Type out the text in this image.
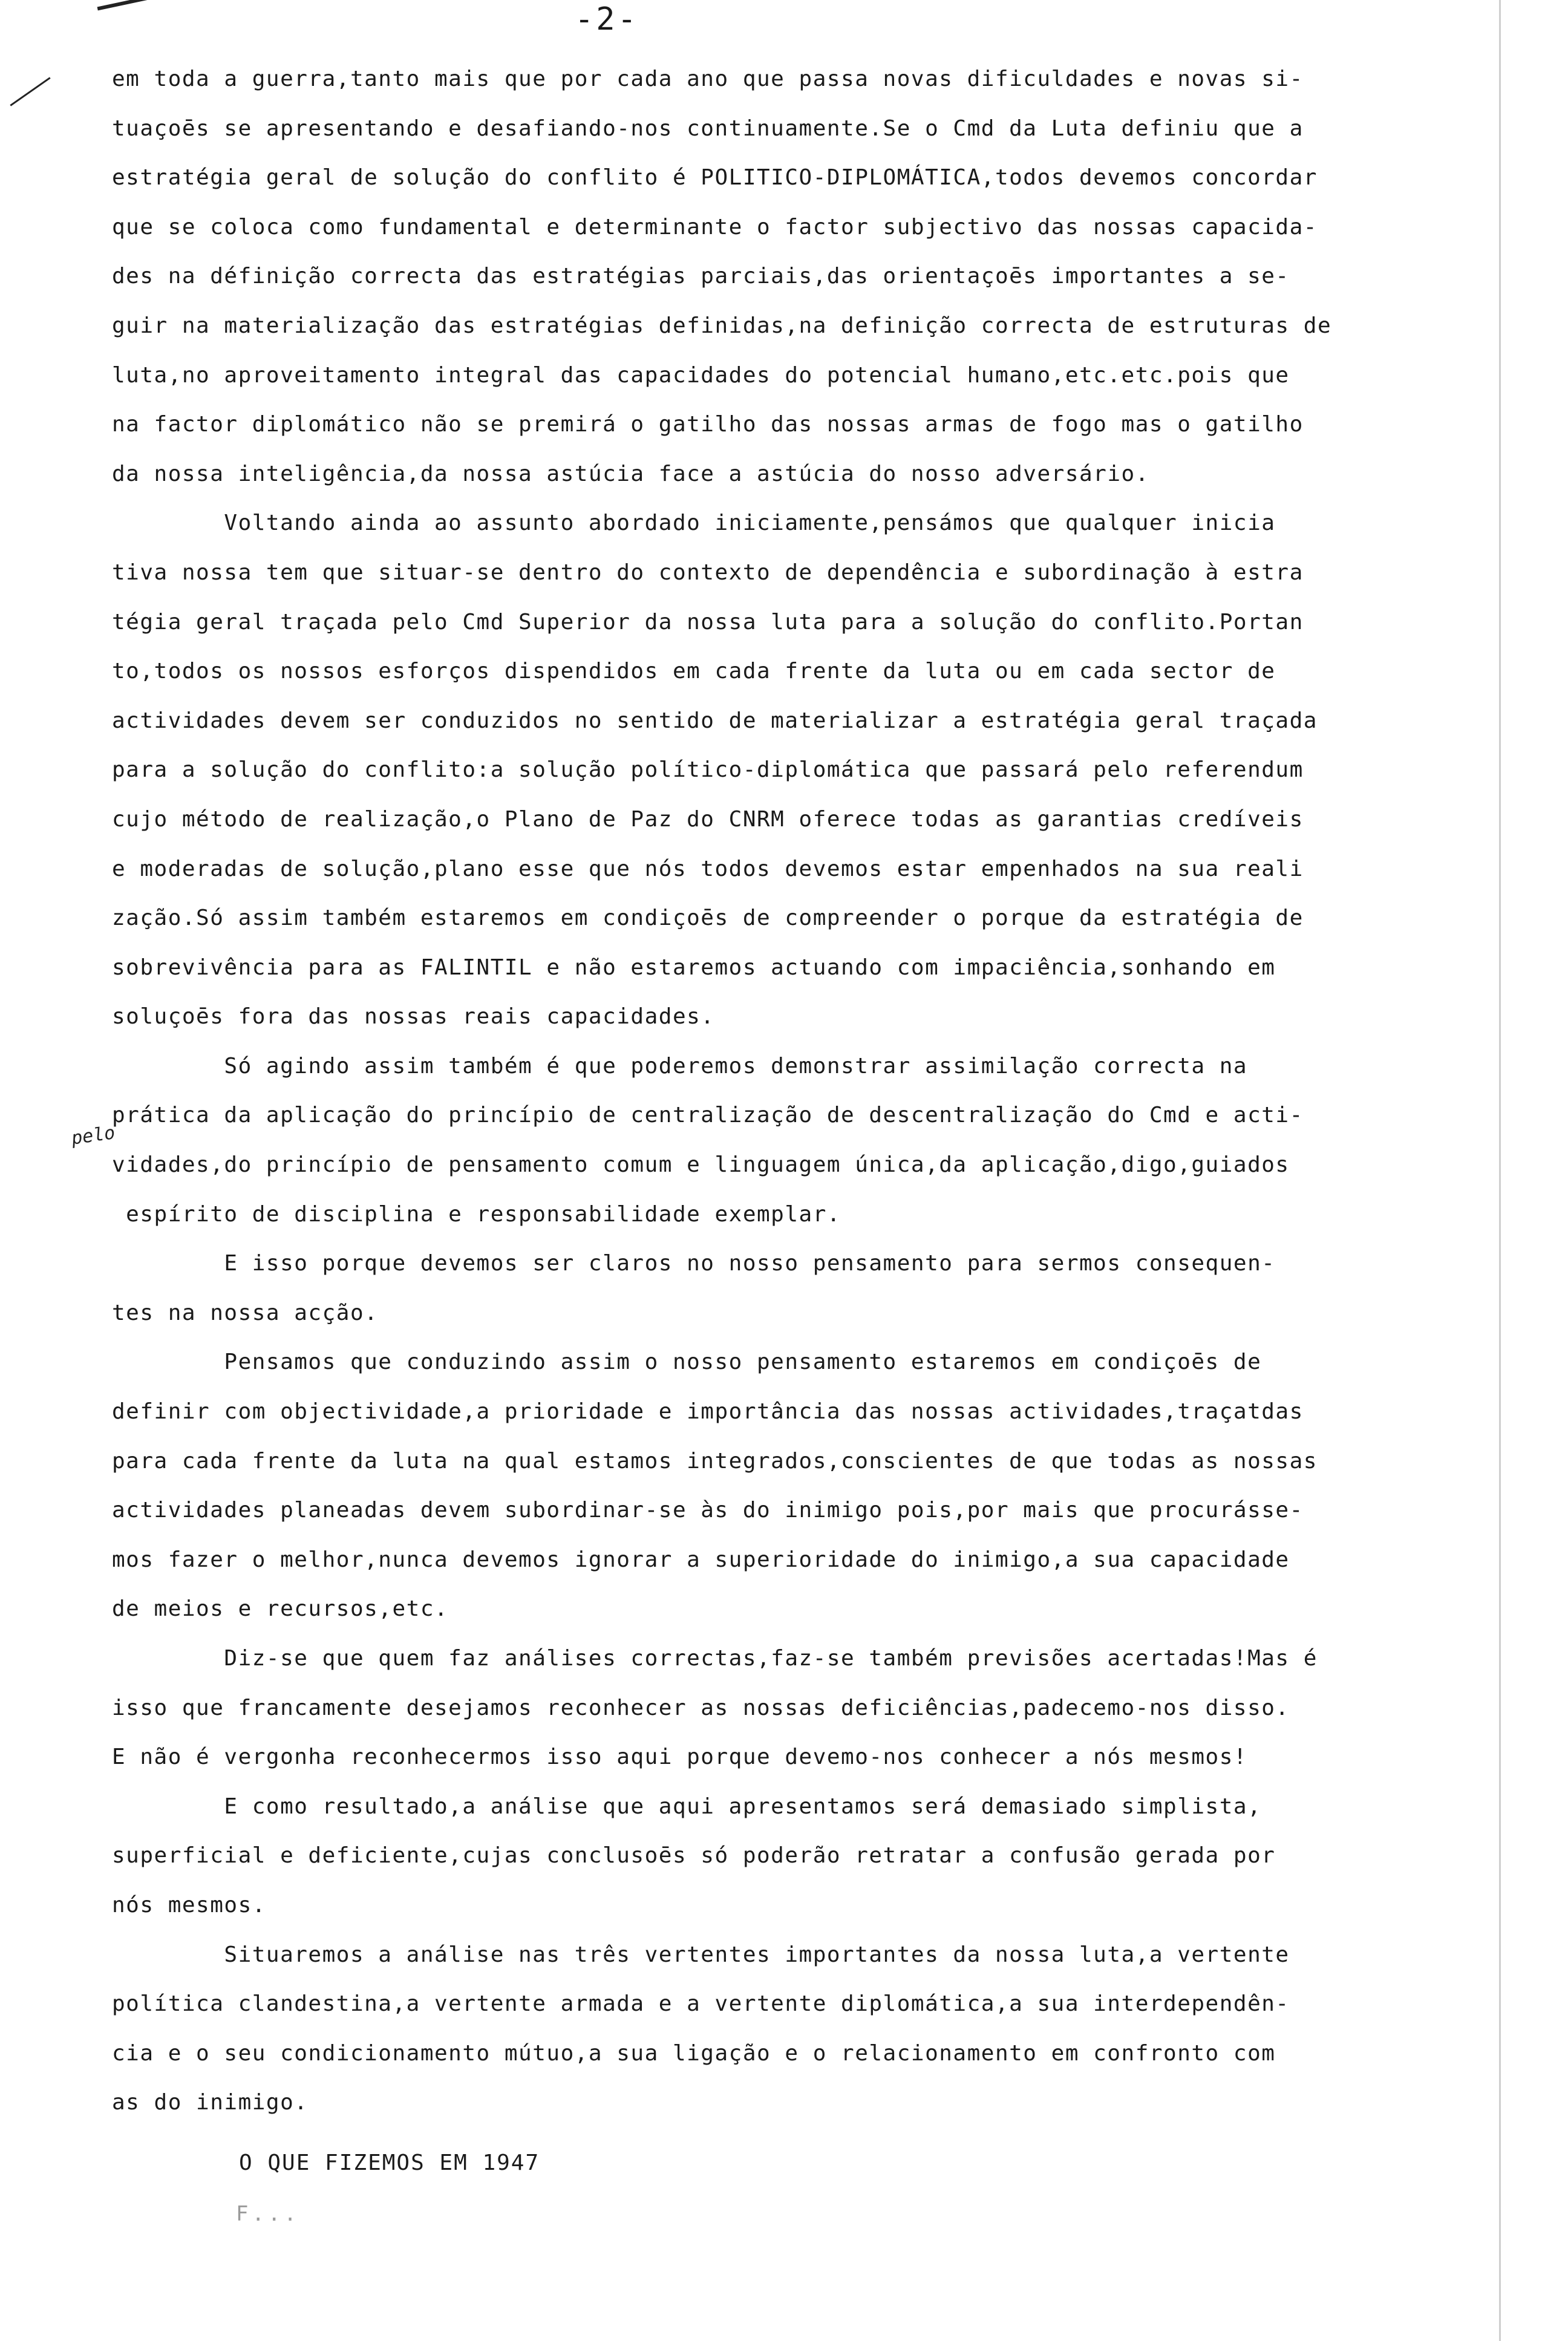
-2-
em toda a guerra,tanto mais que por cada ano que passa novas dificuldades e novas si-
tuaçoēs se apresentando e desafiando-nos continuamente.Se o Cmd da Luta definiu que a
estratégia geral de solução do conflito é POLITICO-DIPLOMÁTICA,todos devemos concordar
que se coloca como fundamental e determinante o factor subjectivo das nossas capacida-
des na définição correcta das estratégias parciais,das orientaçoēs importantes a se-
guir na materialização das estratégias definidas,na definição correcta de estruturas de
luta,no aproveitamento integral das capacidades do potencial humano,etc.etc.pois que
na factor diplomático não se premirá o gatilho das nossas armas de fogo mas o gatilho
da nossa inteligência,da nossa astúcia face a astúcia do nosso adversário.
Voltando ainda ao assunto abordado iniciamente,pensámos que qualquer inicia
tiva nossa tem que situar-se dentro do contexto de dependência e subordinação à estra
tégia geral traçada pelo Cmd Superior da nossa luta para a solução do conflito.Portan
to,todos os nossos esforços dispendidos em cada frente da luta ou em cada sector de
actividades devem ser conduzidos no sentido de materializar a estratégia geral traçada
para a solução do conflito:a solução político-diplomática que passará pelo referendum
cujo método de realização,o Plano de Paz do CNRM oferece todas as garantias credíveis
e moderadas de solução,plano esse que nós todos devemos estar empenhados na sua reali
zação.Só assim também estaremos em condiçoēs de compreender o porque da estratégia de
sobrevivência para as FALINTIL e não estaremos actuando com impaciência,sonhando em
soluçoēs fora das nossas reais capacidades.
Só agindo assim também é que poderemos demonstrar assimilação correcta na
prática da aplicação do princípio de centralização de descentralização do Cmd e acti-
vidades,do princípio de pensamento comum e linguagem única,da aplicação,digo,guiados
espírito de disciplina e responsabilidade exemplar.
E isso porque devemos ser claros no nosso pensamento para sermos consequen-
tes na nossa acção.
Pensamos que conduzindo assim o nosso pensamento estaremos em condiçoēs de
definir com objectividade,a prioridade e importância das nossas actividades,traçatdas
para cada frente da luta na qual estamos integrados,conscientes de que todas as nossas
actividades planeadas devem subordinar-se às do inimigo pois,por mais que procurásse-
mos fazer o melhor,nunca devemos ignorar a superioridade do inimigo,a sua capacidade
de meios e recursos,etc.
Diz-se que quem faz análises correctas,faz-se também previsões acertadas!Mas é
isso que francamente desejamos reconhecer as nossas deficiências,padecemo-nos disso.
E não é vergonha reconhecermos isso aqui porque devemo-nos conhecer a nós mesmos!
E como resultado,a análise que aqui apresentamos será demasiado simplista,
superficial e deficiente,cujas conclusoēs só poderão retratar a confusão gerada por
nós mesmos.
Situaremos a análise nas três vertentes importantes da nossa luta,a vertente
política clandestina,a vertente armada e a vertente diplomática,a sua interdependên-
cia e o seu condicionamento mútuo,a sua ligação e o relacionamento em confronto com
as do inimigo.
pelo
O QUE FIZEMOS EM 1947
F...
